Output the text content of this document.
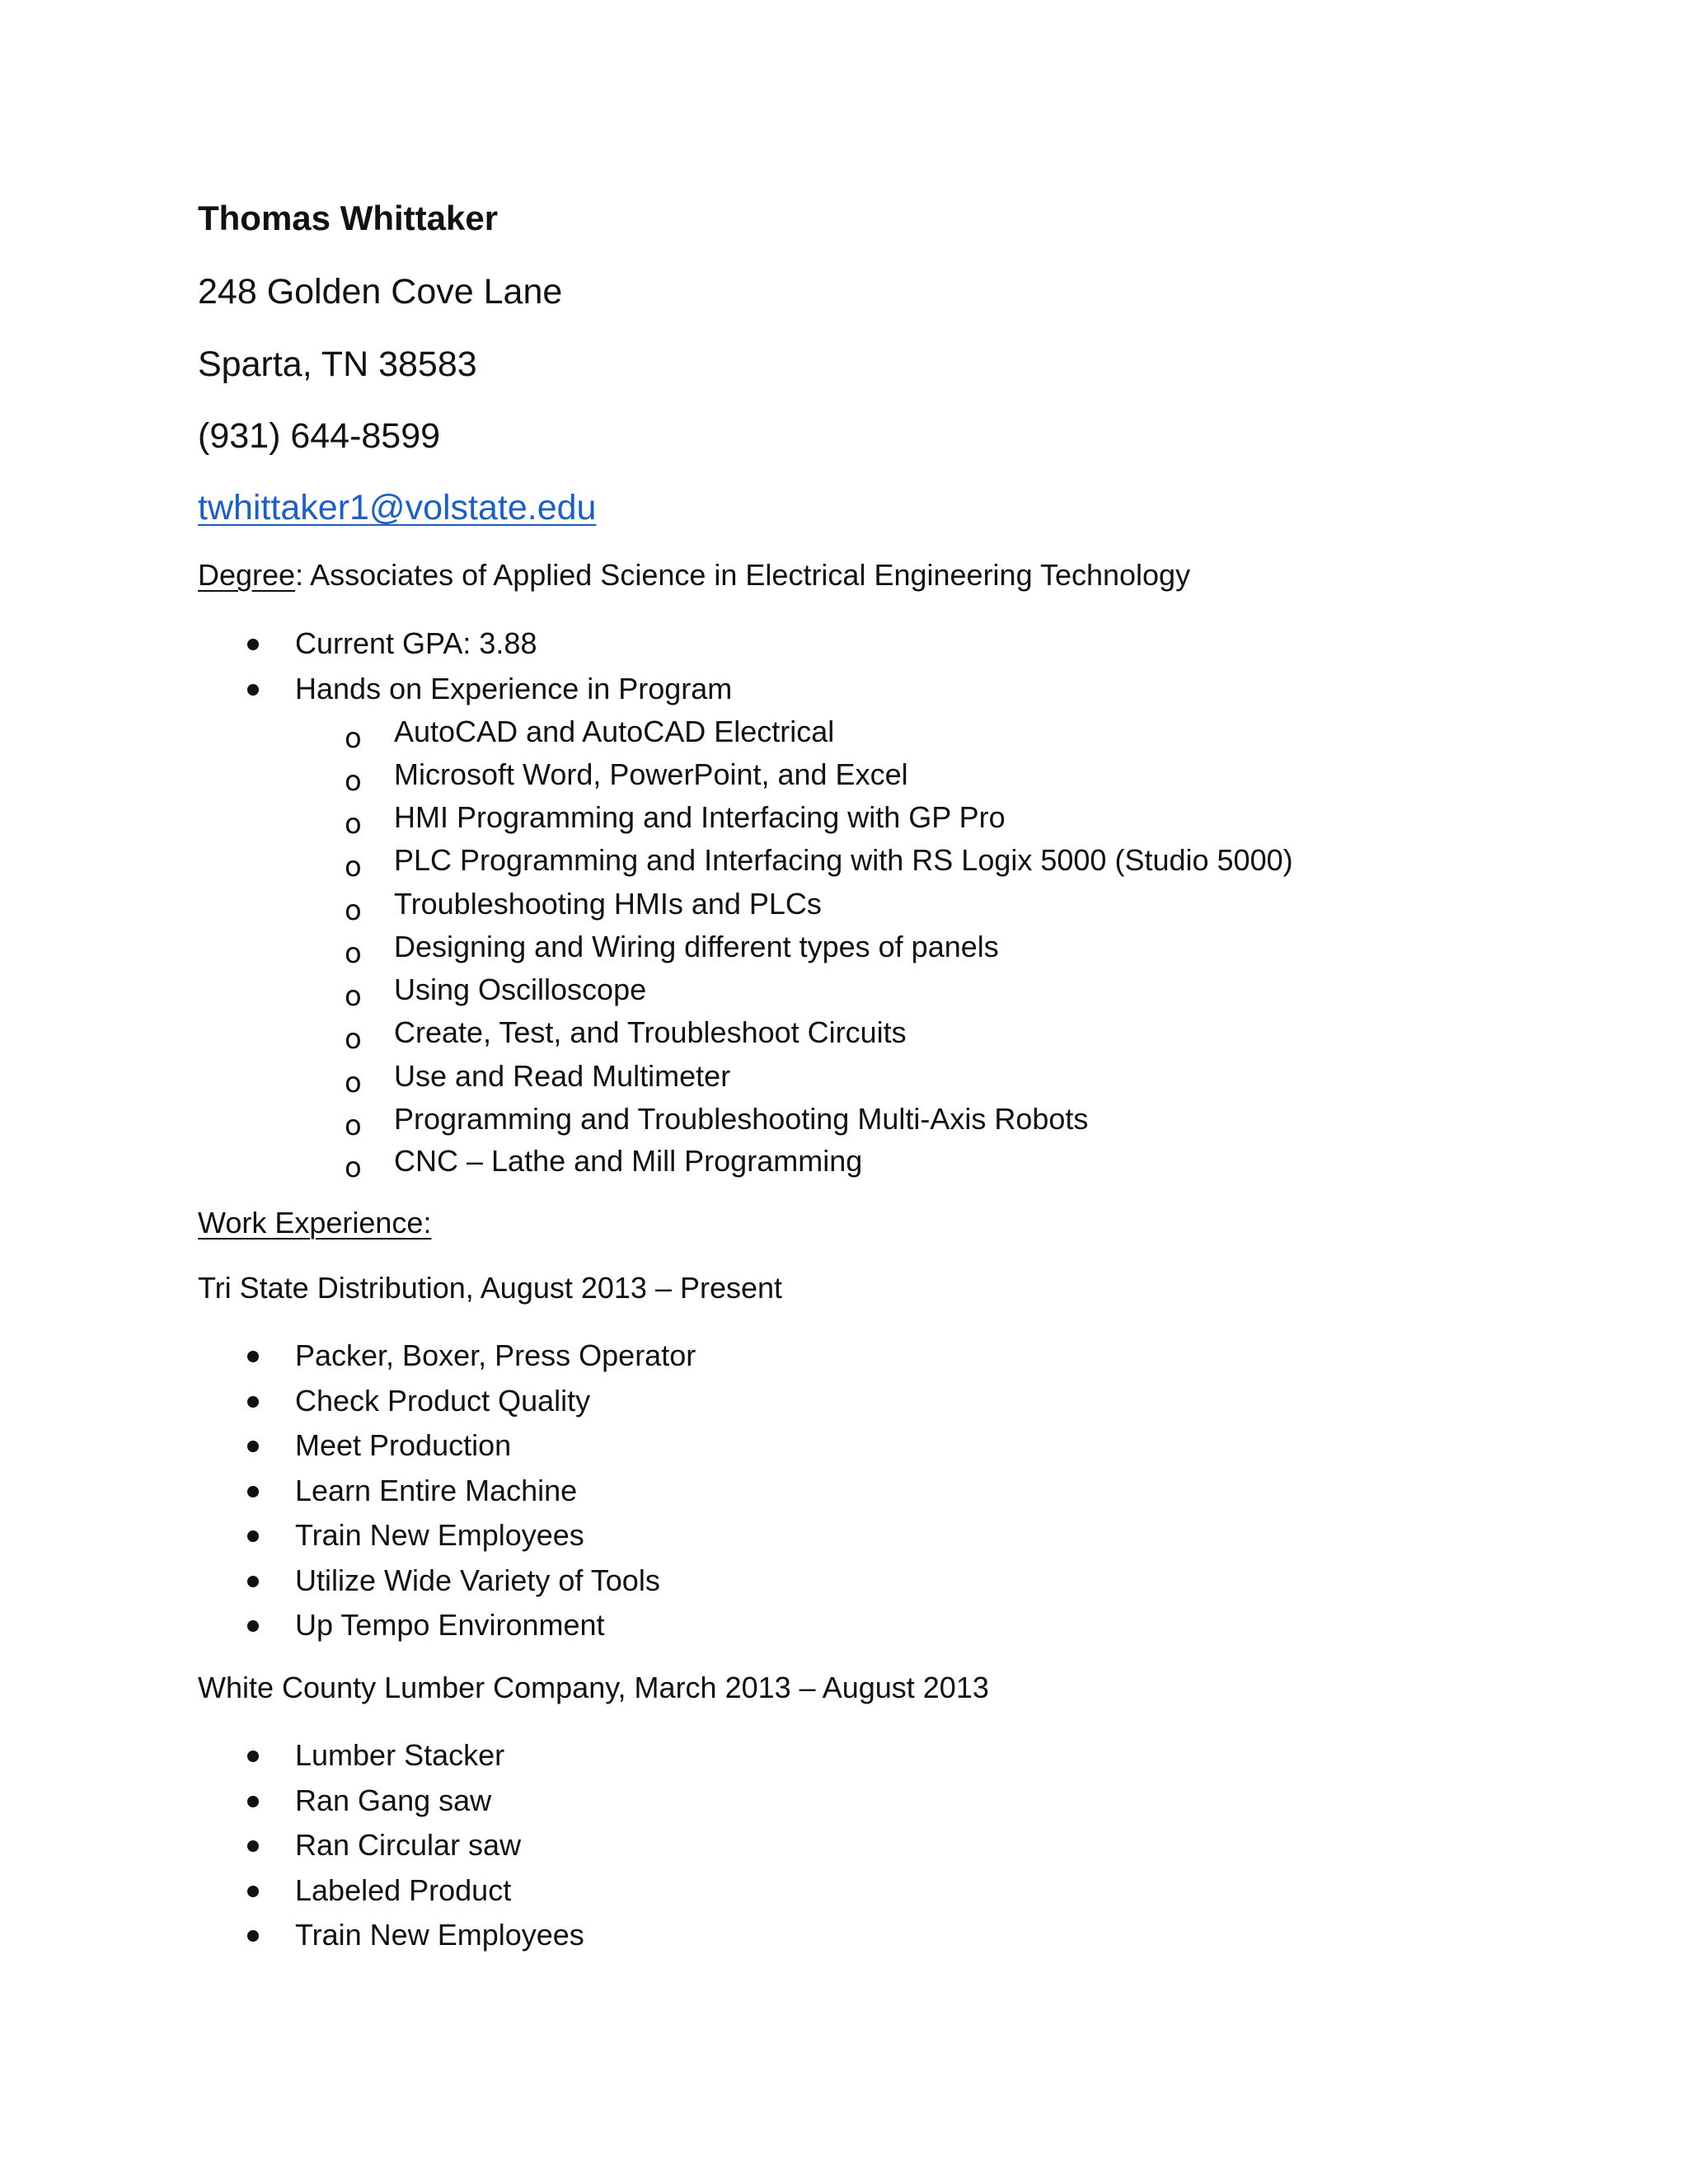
Thomas Whittaker
248 Golden Cove Lane
Sparta, TN 38583
(931) 644-8599
twhittaker1@volstate.edu
Degree: Associates of Applied Science in Electrical Engineering Technology
Current GPA: 3.88
Hands on Experience in Program
o AutoCAD and AutoCAD Electrical
o Microsoft Word, PowerPoint, and Excel
o HMI Programming and Interfacing with GP Pro
o PLC Programming and Interfacing with RS Logix 5000 (Studio 5000)
o Troubleshooting HMIs and PLCs
o Designing and Wiring different types of panels
o Using Oscilloscope
o Create, Test, and Troubleshoot Circuits
o Use and Read Multimeter
o Programming and Troubleshooting Multi-Axis Robots
o CNC – Lathe and Mill Programming
Work Experience:
Tri State Distribution, August 2013 – Present
Packer, Boxer, Press Operator
Check Product Quality
Meet Production
Learn Entire Machine
Train New Employees
Utilize Wide Variety of Tools
Up Tempo Environment
White County Lumber Company, March 2013 – August 2013
Lumber Stacker
Ran Gang saw
Ran Circular saw
Labeled Product
Train New Employees
